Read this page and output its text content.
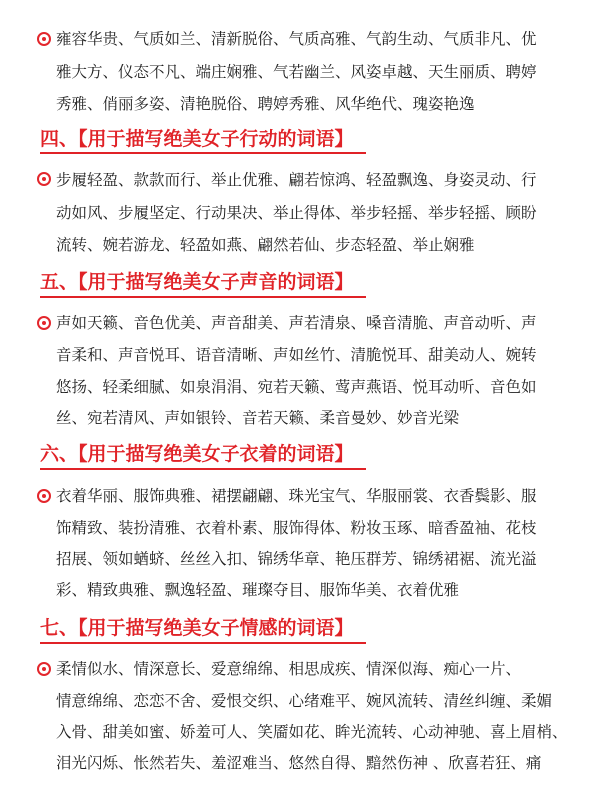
雍容华贵、气质如兰、清新脱俗、气质高雅、气韵生动、气质非凡、优
雅大方、仪态不凡、端庄娴雅、气若幽兰、风姿卓越、天生丽质、聘婷
秀雅、俏丽多姿、清艳脱俗、聘婷秀雅、风华绝代、瑰姿艳逸
四、【用于描写绝美女子行动的词语】
步履轻盈、款款而行、举止优雅、翩若惊鸿、轻盈飘逸、身姿灵动、行
动如风、步履坚定、行动果决、举止得体、举步轻摇、举步轻摇、顾盼
流转、婉若游龙、轻盈如燕、翩然若仙、步态轻盈、举止娴雅
五、【用于描写绝美女子声音的词语】
声如天籁、音色优美、声音甜美、声若清泉、嗓音清脆、声音动听、声
音柔和、声音悦耳、语音清晰、声如丝竹、清脆悦耳、甜美动人、婉转
悠扬、轻柔细腻、如泉涓涓、宛若天籁、莺声燕语、悦耳动听、音色如
丝、宛若清风、声如银铃、音若天籁、柔音曼妙、妙音光梁
六、【用于描写绝美女子衣着的词语】
衣着华丽、服饰典雅、裙摆翩翩、珠光宝气、华服丽裳、衣香鬓影、服
饰精致、装扮清雅、衣着朴素、服饰得体、粉妆玉琢、暗香盈袖、花枝
招展、领如蝤蛴、丝丝入扣、锦绣华章、艳压群芳、锦绣裙裾、流光溢
彩、精致典雅、飘逸轻盈、璀璨夺目、服饰华美、衣着优雅
七、【用于描写绝美女子情感的词语】
柔情似水、情深意长、爱意绵绵、相思成疾、情深似海、痴心一片、
情意绵绵、恋恋不舍、爱恨交织、心绪难平、婉风流转、清丝纠缠、柔媚
入骨、甜美如蜜、娇羞可人、笑靥如花、眸光流转、心动神驰、喜上眉梢、
泪光闪烁、怅然若失、羞涩难当、悠然自得、黯然伤神 、欣喜若狂、痛
